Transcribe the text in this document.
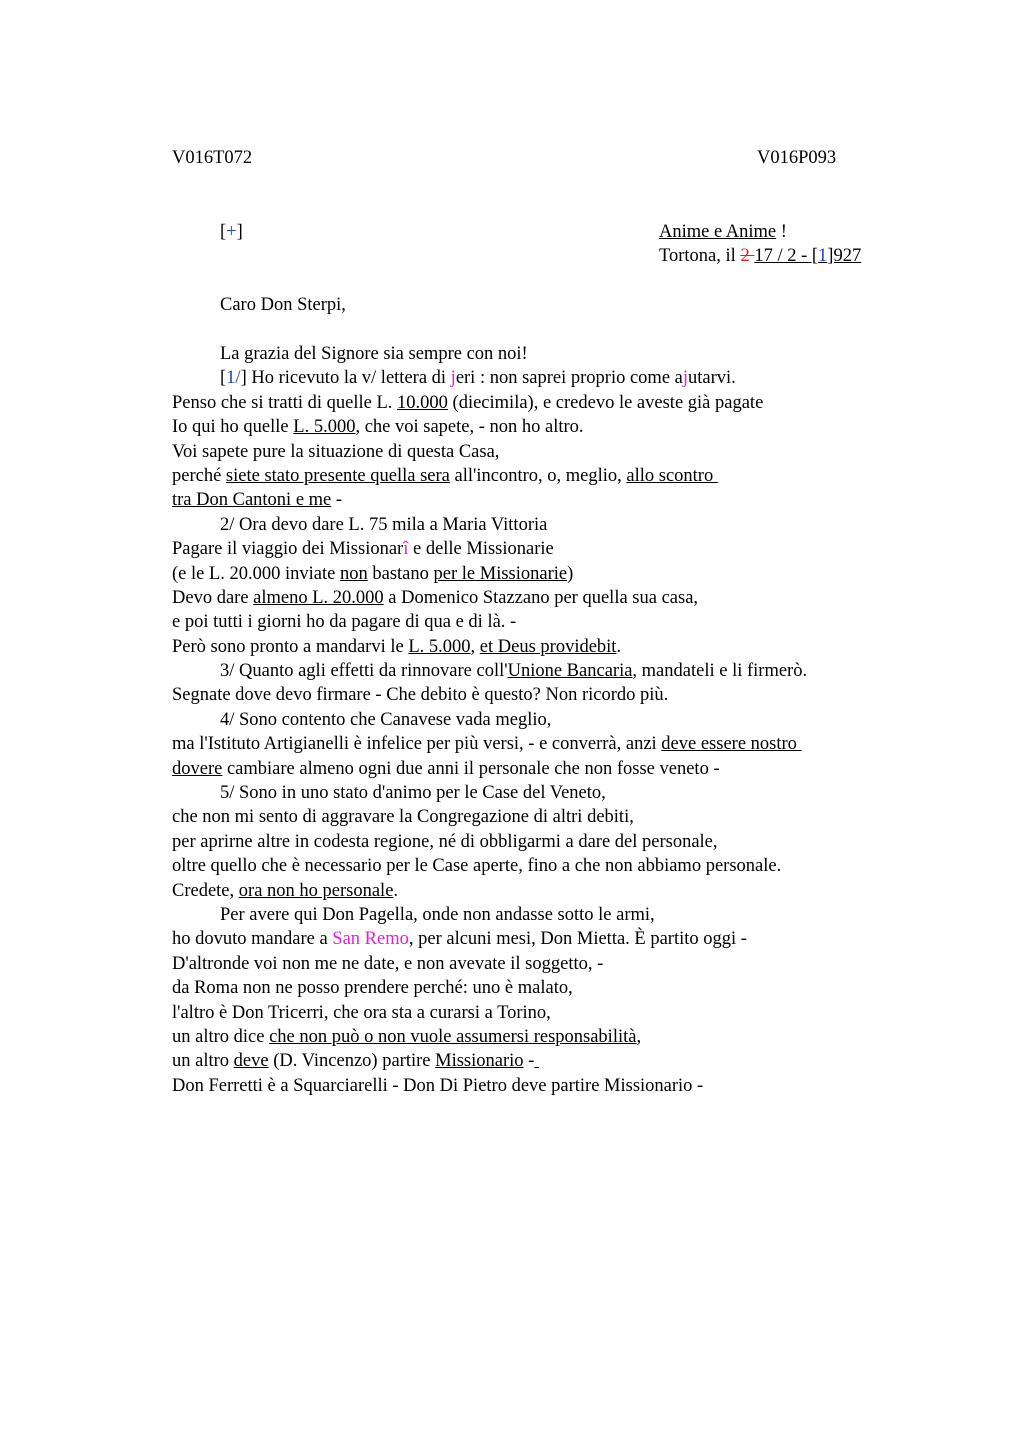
V016T072	V016P093
[+]	Anime e Anime !
Tortona, il 2 17 / 2 - [1]927
Caro Don Sterpi,
La grazia del Signore sia sempre con noi!
[1/] Ho ricevuto la v/ lettera di jeri : non saprei proprio come ajutarvi.
Penso che si tratti di quelle L. 10.000 (diecimila), e credevo le aveste già pagate
Io qui ho quelle L. 5.000, che voi sapete, - non ho altro.
Voi sapete pure la situazione di questa Casa,
perché siete stato presente quella sera all'incontro, o, meglio, allo scontro
tra Don Cantoni e me -
2/ Ora devo dare L. 75 mila a Maria Vittoria
Pagare il viaggio dei Missionarî e delle Missionarie
(e le L. 20.000 inviate non bastano per le Missionarie)
Devo dare almeno L. 20.000 a Domenico Stazzano per quella sua casa,
e poi tutti i giorni ho da pagare di qua e di là. -
Però sono pronto a mandarvi le L. 5.000, et Deus providebit.
3/ Quanto agli effetti da rinnovare coll'Unione Bancaria, mandateli e li firmerò.
Segnate dove devo firmare - Che debito è questo? Non ricordo più.
4/ Sono contento che Canavese vada meglio,
ma l'Istituto Artigianelli è infelice per più versi, - e converrà, anzi deve essere nostro
dovere cambiare almeno ogni due anni il personale che non fosse veneto -
5/ Sono in uno stato d'animo per le Case del Veneto,
che non mi sento di aggravare la Congregazione di altri debiti,
per aprirne altre in codesta regione, né di obbligarmi a dare del personale,
oltre quello che è necessario per le Case aperte, fino a che non abbiamo personale.
Credete, ora non ho personale.
Per avere qui Don Pagella, onde non andasse sotto le armi,
ho dovuto mandare a San Remo, per alcuni mesi, Don Mietta. È partito oggi -
D'altronde voi non me ne date, e non avevate il soggetto, -
da Roma non ne posso prendere perché: uno è malato,
l'altro è Don Tricerri, che ora sta a curarsi a Torino,
un altro dice che non può o non vuole assumersi responsabilità,
un altro deve (D. Vincenzo) partire Missionario -
Don Ferretti è a Squarciarelli - Don Di Pietro deve partire Missionario -
